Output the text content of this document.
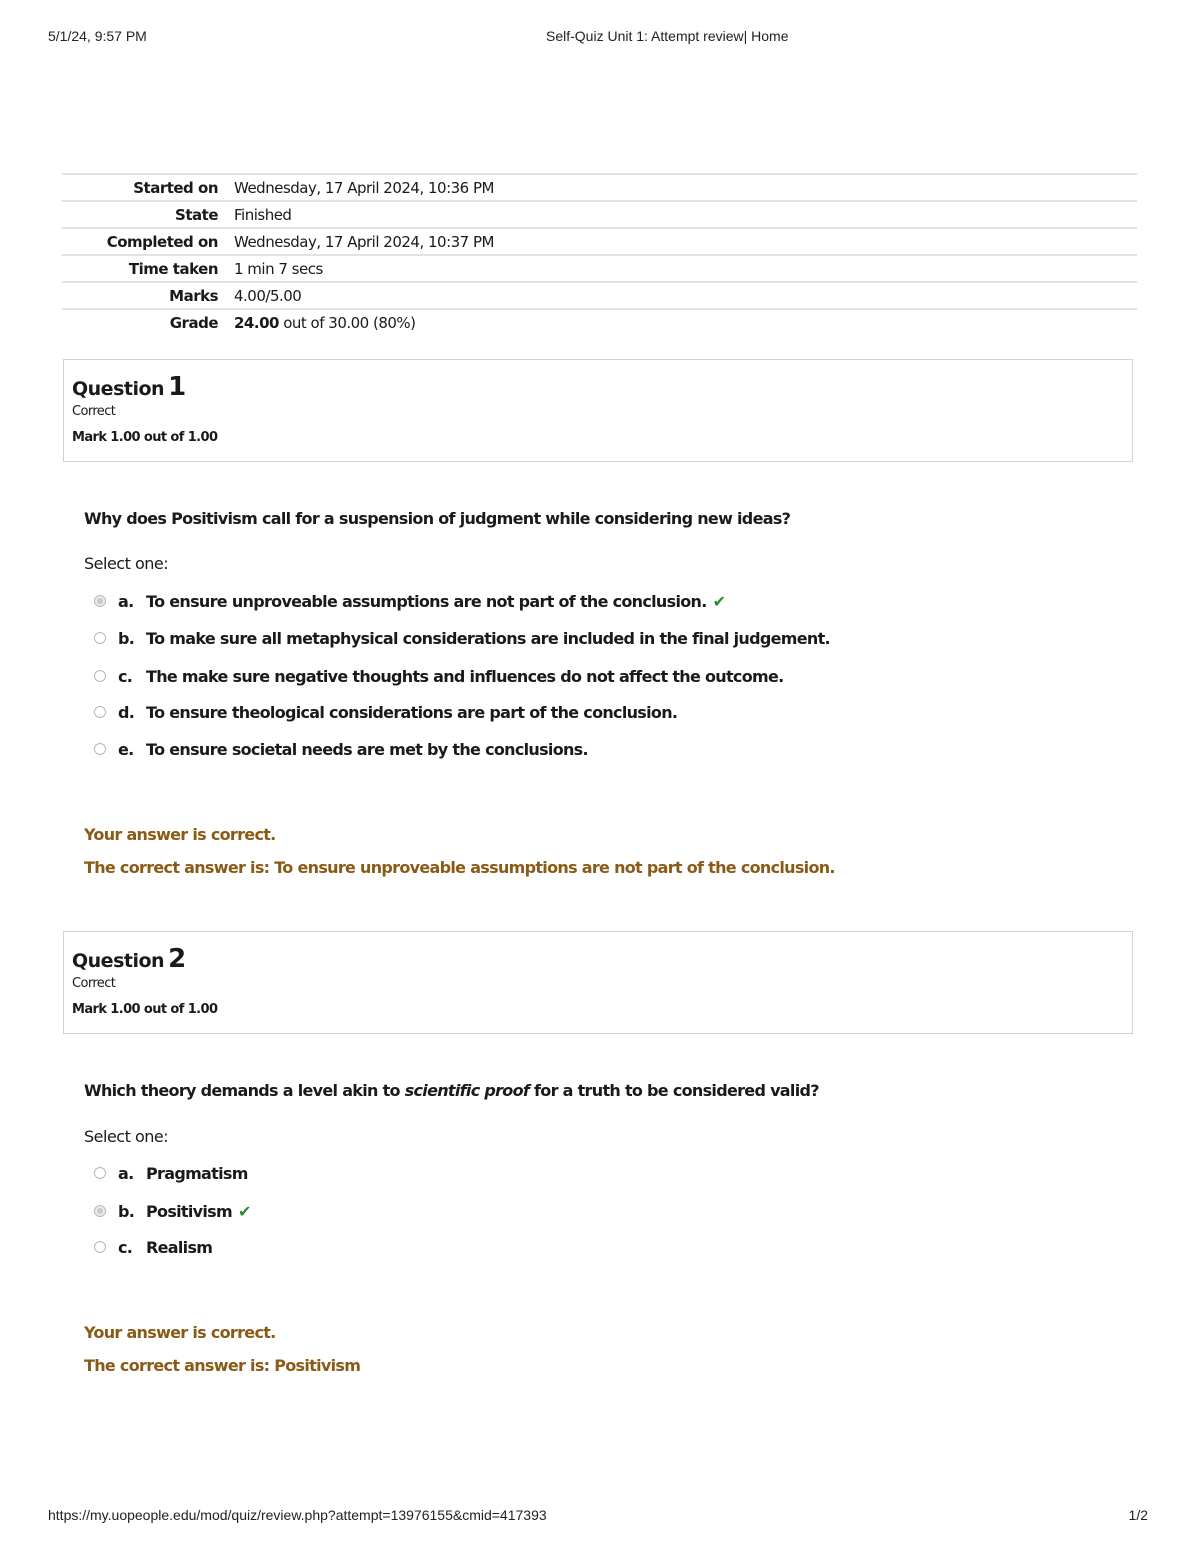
5/1/24, 9:57 PM	Self-Quiz Unit 1: Attempt review| Home
Started on	Wednesday, 17 April 2024, 10:36 PM
State	Finished
Completed on	Wednesday, 17 April 2024, 10:37 PM
Time taken	1 min 7 secs
Marks	4.00/5.00
Grade	24.00 out of 30.00 (80%)
Question 1
Correct
Mark 1.00 out of 1.00
Why does Positivism call for a suspension of judgment while considering new ideas?
Select one:
a. To ensure unproveable assumptions are not part of the conclusion. ✔
b. To make sure all metaphysical considerations are included in the final judgement.
c. The make sure negative thoughts and influences do not affect the outcome.
d. To ensure theological considerations are part of the conclusion.
e. To ensure societal needs are met by the conclusions.
Your answer is correct.
The correct answer is: To ensure unproveable assumptions are not part of the conclusion.
Question 2
Correct
Mark 1.00 out of 1.00
Which theory demands a level akin to scientific proof for a truth to be considered valid?
Select one:
a. Pragmatism
b. Positivism ✔
c. Realism
Your answer is correct.
The correct answer is: Positivism
https://my.uopeople.edu/mod/quiz/review.php?attempt=13976155&cmid=417393	1/2
